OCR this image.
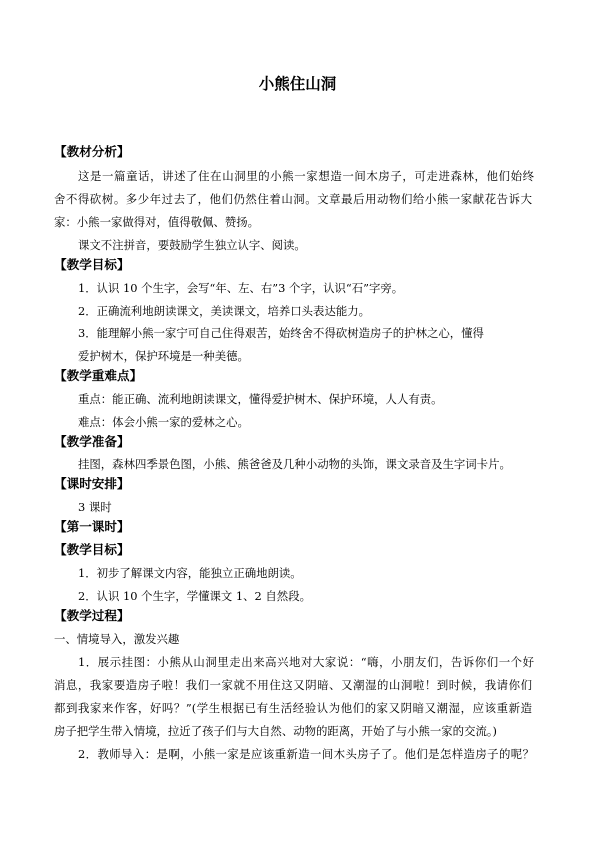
小熊住山洞
【教材分析】
这是一篇童话，讲述了住在山洞里的小熊一家想造一间木房子，可走进森林，他们始终
舍不得砍树。多少年过去了，他们仍然住着山洞。文章最后用动物们给小熊一家献花告诉大
家：小熊一家做得对，值得敬佩、赞扬。
课文不注拼音，要鼓励学生独立认字、阅读。
【教学目标】
1．认识 10 个生字，会写“年、左、右”3 个字，认识“石”字旁。
2．正确流利地朗读课文，美读课文，培养口头表达能力。
3．能理解小熊一家宁可自己住得艰苦，始终舍不得砍树造房子的护林之心，懂得
爱护树木，保护环境是一种美德。
【教学重难点】
重点：能正确、流利地朗读课文，懂得爱护树木、保护环境，人人有责。
难点：体会小熊一家的爱林之心。
【教学准备】
挂图，森林四季景色图，小熊、熊爸爸及几种小动物的头饰，课文录音及生字词卡片。
【课时安排】
3 课时
【第一课时】
【教学目标】
1．初步了解课文内容，能独立正确地朗读。
2．认识 10 个生字，学懂课文 1、2 自然段。
【教学过程】
一、情境导入，激发兴趣
1．展示挂图：小熊从山洞里走出来高兴地对大家说：“嗨，小朋友们，告诉你们一个好
消息，我家要造房子啦！我们一家就不用住这又阴暗、又潮湿的山洞啦！到时候，我请你们
都到我家来作客，好吗？”(学生根据已有生活经验认为他们的家又阴暗又潮湿，应该重新造
房子把学生带入情境，拉近了孩子们与大自然、动物的距离，开始了与小熊一家的交流。)
2．教师导入：是啊，小熊一家是应该重新造一间木头房子了。他们是怎样造房子的呢？
